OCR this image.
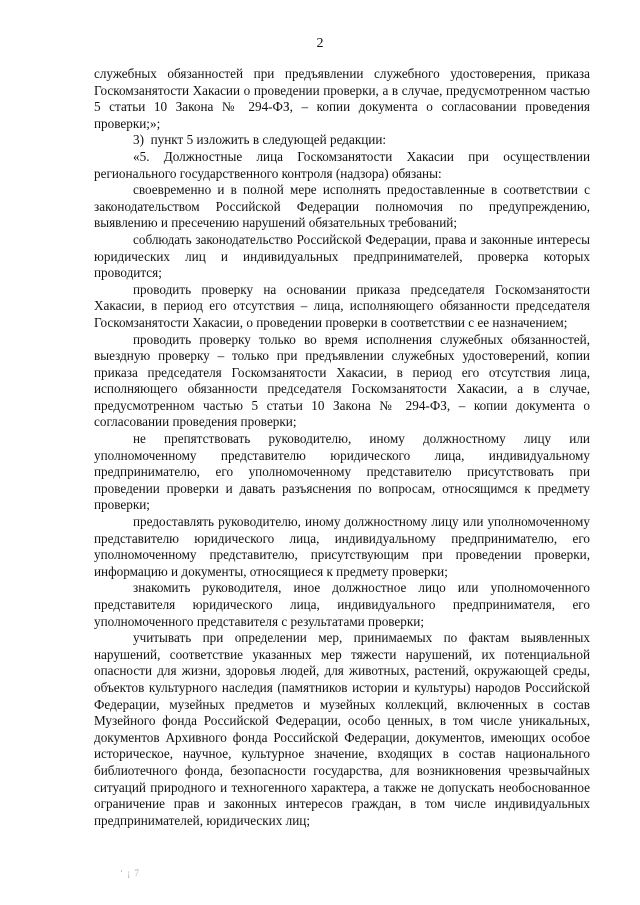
2

служебных обязанностей при предъявлении служебного удостоверения, приказа Госкомзанятости Хакасии о проведении проверки, а в случае, предусмотренном частью 5 статьи 10 Закона № 294-ФЗ, – копии документа о согласовании проведения проверки;»;

3)  пункт 5 изложить в следующей редакции:

«5. Должностные лица Госкомзанятости Хакасии при осуществлении регионального государственного контроля (надзора) обязаны:

своевременно и в полной мере исполнять предоставленные в соответствии с законодательством Российской Федерации полномочия по предупреждению, выявлению и пресечению нарушений обязательных требований;

соблюдать законодательство Российской Федерации, права и законные интересы юридических лиц и индивидуальных предпринимателей, проверка которых проводится;

проводить проверку на основании приказа председателя Госкомзанятости Хакасии, в период его отсутствия – лица, исполняющего обязанности председателя Госкомзанятости Хакасии, о проведении проверки в соответствии с ее назначением;

проводить проверку только во время исполнения служебных обязанностей, выездную проверку – только при предъявлении служебных удостоверений, копии приказа председателя Госкомзанятости Хакасии, в период его отсутствия лица, исполняющего обязанности председателя Госкомзанятости Хакасии, а в случае, предусмотренном частью 5 статьи 10 Закона № 294-ФЗ, – копии документа о согласовании проведения проверки;

не препятствовать руководителю, иному должностному лицу или уполномоченному представителю юридического лица, индивидуальному предпринимателю, его уполномоченному представителю присутствовать при проведении проверки и давать разъяснения по вопросам, относящимся к предмету проверки;

предоставлять руководителю, иному должностному лицу или уполномоченному представителю юридического лица, индивидуальному предпринимателю, его уполномоченному представителю, присутствующим при проведении проверки, информацию и документы, относящиеся к предмету проверки;

знакомить руководителя, иное должностное лицо или уполномоченного представителя юридического лица, индивидуального предпринимателя, его уполномоченного представителя с результатами проверки;

учитывать при определении мер, принимаемых по фактам выявленных нарушений, соответствие указанных мер тяжести нарушений, их потенциальной опасности для жизни, здоровья людей, для животных, растений, окружающей среды, объектов культурного наследия (памятников истории и культуры) народов Российской Федерации, музейных предметов и музейных коллекций, включенных в состав Музейного фонда Российской Федерации, особо ценных, в том числе уникальных, документов Архивного фонда Российской Федерации, документов, имеющих особое историческое, научное, культурное значение, входящих в состав национального библиотечного фонда, безопасности государства, для возникновения чрезвычайных ситуаций природного и техногенного характера, а также не допускать необоснованное ограничение прав и законных интересов граждан, в том числе индивидуальных предпринимателей, юридических лиц;

‘ ¡ 7
